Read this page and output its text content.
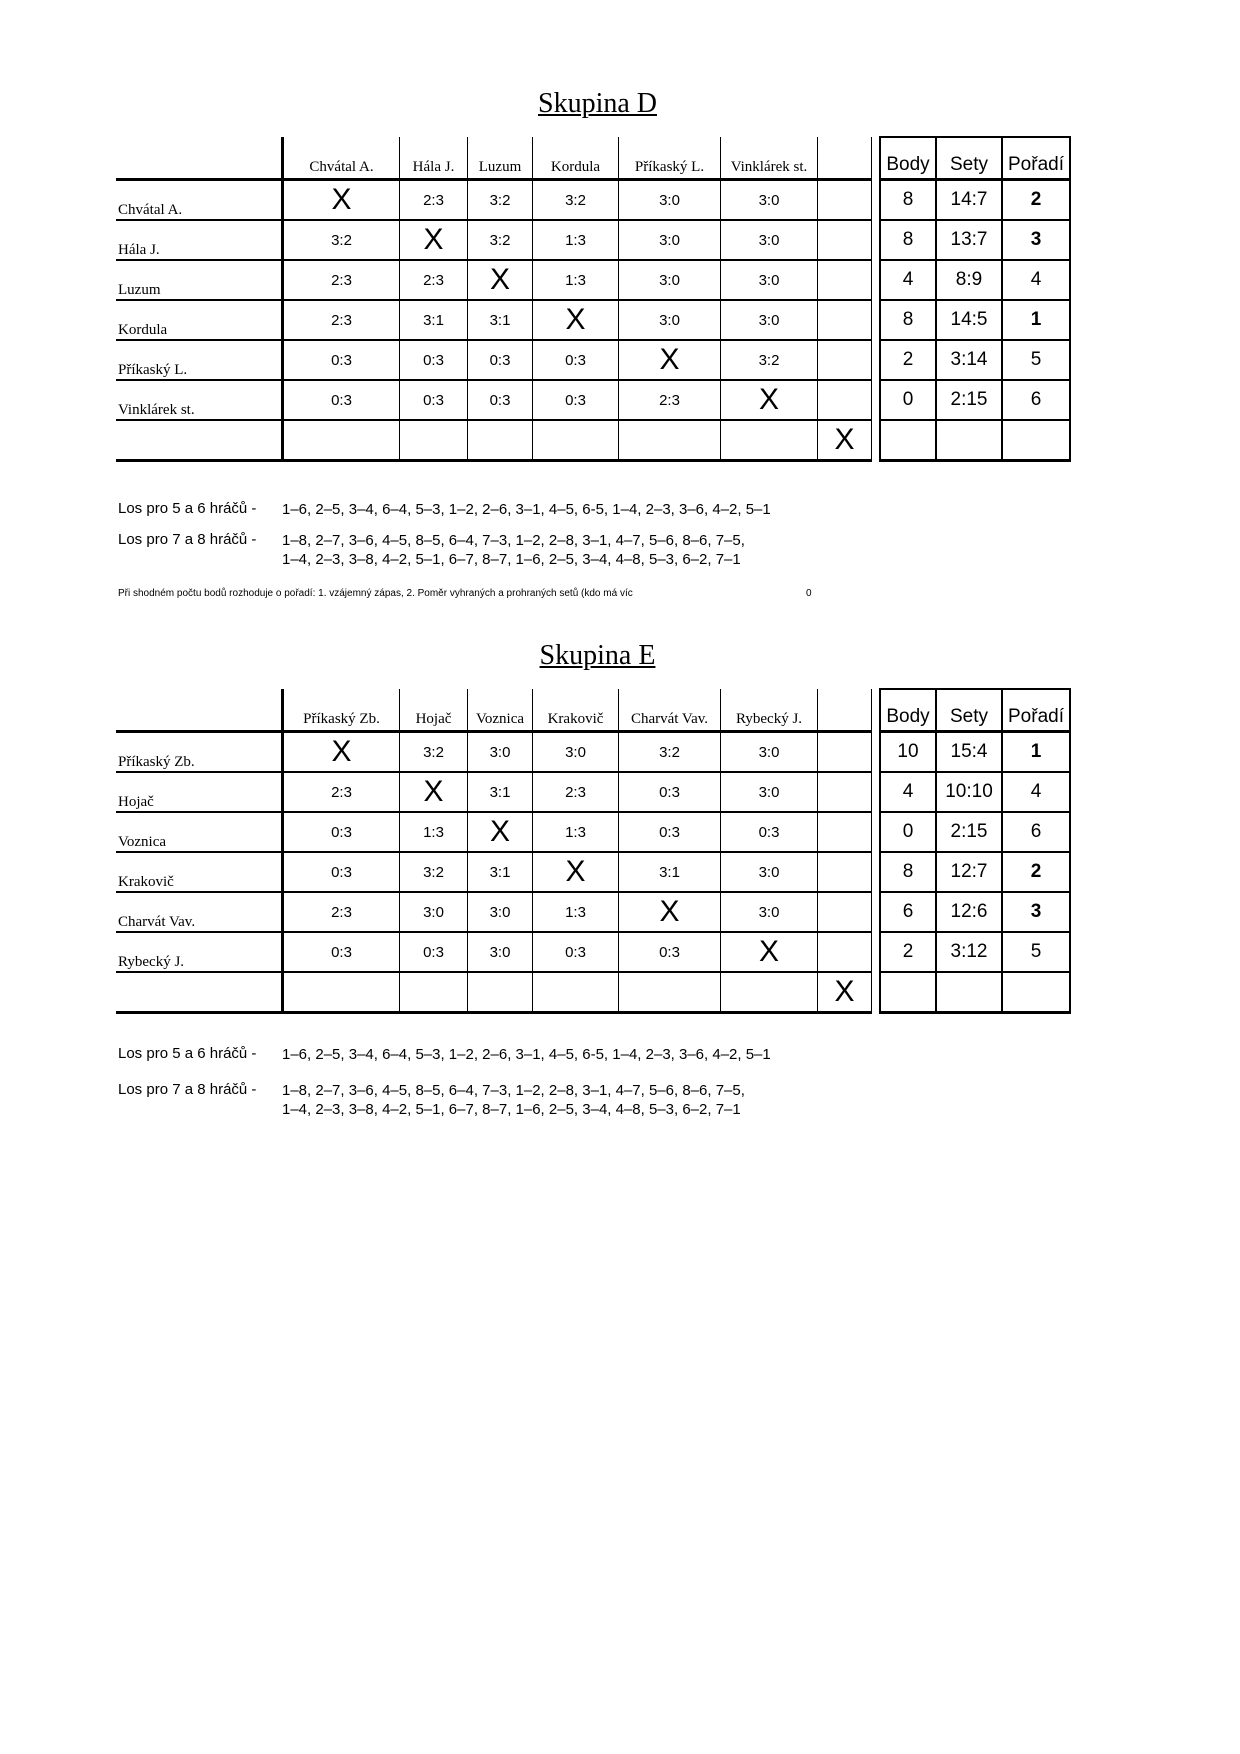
Skupina D
	Chvátal A.	Hála J.	Luzum	Kordula	Příkaský L.	Vinklárek st.			Body	Sety	Pořadí
Chvátal A.	X	2:3	3:2	3:2	3:0	3:0			8	14:7	2
Hála J.	3:2	X	3:2	1:3	3:0	3:0			8	13:7	3
Luzum	2:3	2:3	X	1:3	3:0	3:0			4	8:9	4
Kordula	2:3	3:1	3:1	X	3:0	3:0			8	14:5	1
Příkaský L.	0:3	0:3	0:3	0:3	X	3:2			2	3:14	5
Vinklárek st.	0:3	0:3	0:3	0:3	2:3	X			0	2:15	6
							X				
Los pro 5 a 6 hráčů - 1–6, 2–5, 3–4, 6–4, 5–3, 1–2, 2–6, 3–1, 4–5, 6-5, 1–4, 2–3, 3–6, 4–2, 5–1
Los pro 7 a 8 hráčů - 1–8, 2–7, 3–6, 4–5, 8–5, 6–4, 7–3, 1–2, 2–8, 3–1, 4–7, 5–6, 8–6, 7–5,
1–4, 2–3, 3–8, 4–2, 5–1, 6–7, 8–7, 1–6, 2–5, 3–4, 4–8, 5–3, 6–2, 7–1
Při shodném počtu bodů rozhoduje o pořadí: 1. vzájemný zápas, 2. Poměr vyhraných a prohraných setů (kdo má víc	0
Skupina E
	Příkaský Zb.	Hojač	Voznica	Krakovič	Charvát Vav.	Rybecký J.			Body	Sety	Pořadí
Příkaský Zb.	X	3:2	3:0	3:0	3:2	3:0			10	15:4	1
Hojač	2:3	X	3:1	2:3	0:3	3:0			4	10:10	4
Voznica	0:3	1:3	X	1:3	0:3	0:3			0	2:15	6
Krakovič	0:3	3:2	3:1	X	3:1	3:0			8	12:7	2
Charvát Vav.	2:3	3:0	3:0	1:3	X	3:0			6	12:6	3
Rybecký J.	0:3	0:3	3:0	0:3	0:3	X			2	3:12	5
							X				
Los pro 5 a 6 hráčů - 1–6, 2–5, 3–4, 6–4, 5–3, 1–2, 2–6, 3–1, 4–5, 6-5, 1–4, 2–3, 3–6, 4–2, 5–1
Los pro 7 a 8 hráčů - 1–8, 2–7, 3–6, 4–5, 8–5, 6–4, 7–3, 1–2, 2–8, 3–1, 4–7, 5–6, 8–6, 7–5,
1–4, 2–3, 3–8, 4–2, 5–1, 6–7, 8–7, 1–6, 2–5, 3–4, 4–8, 5–3, 6–2, 7–1
